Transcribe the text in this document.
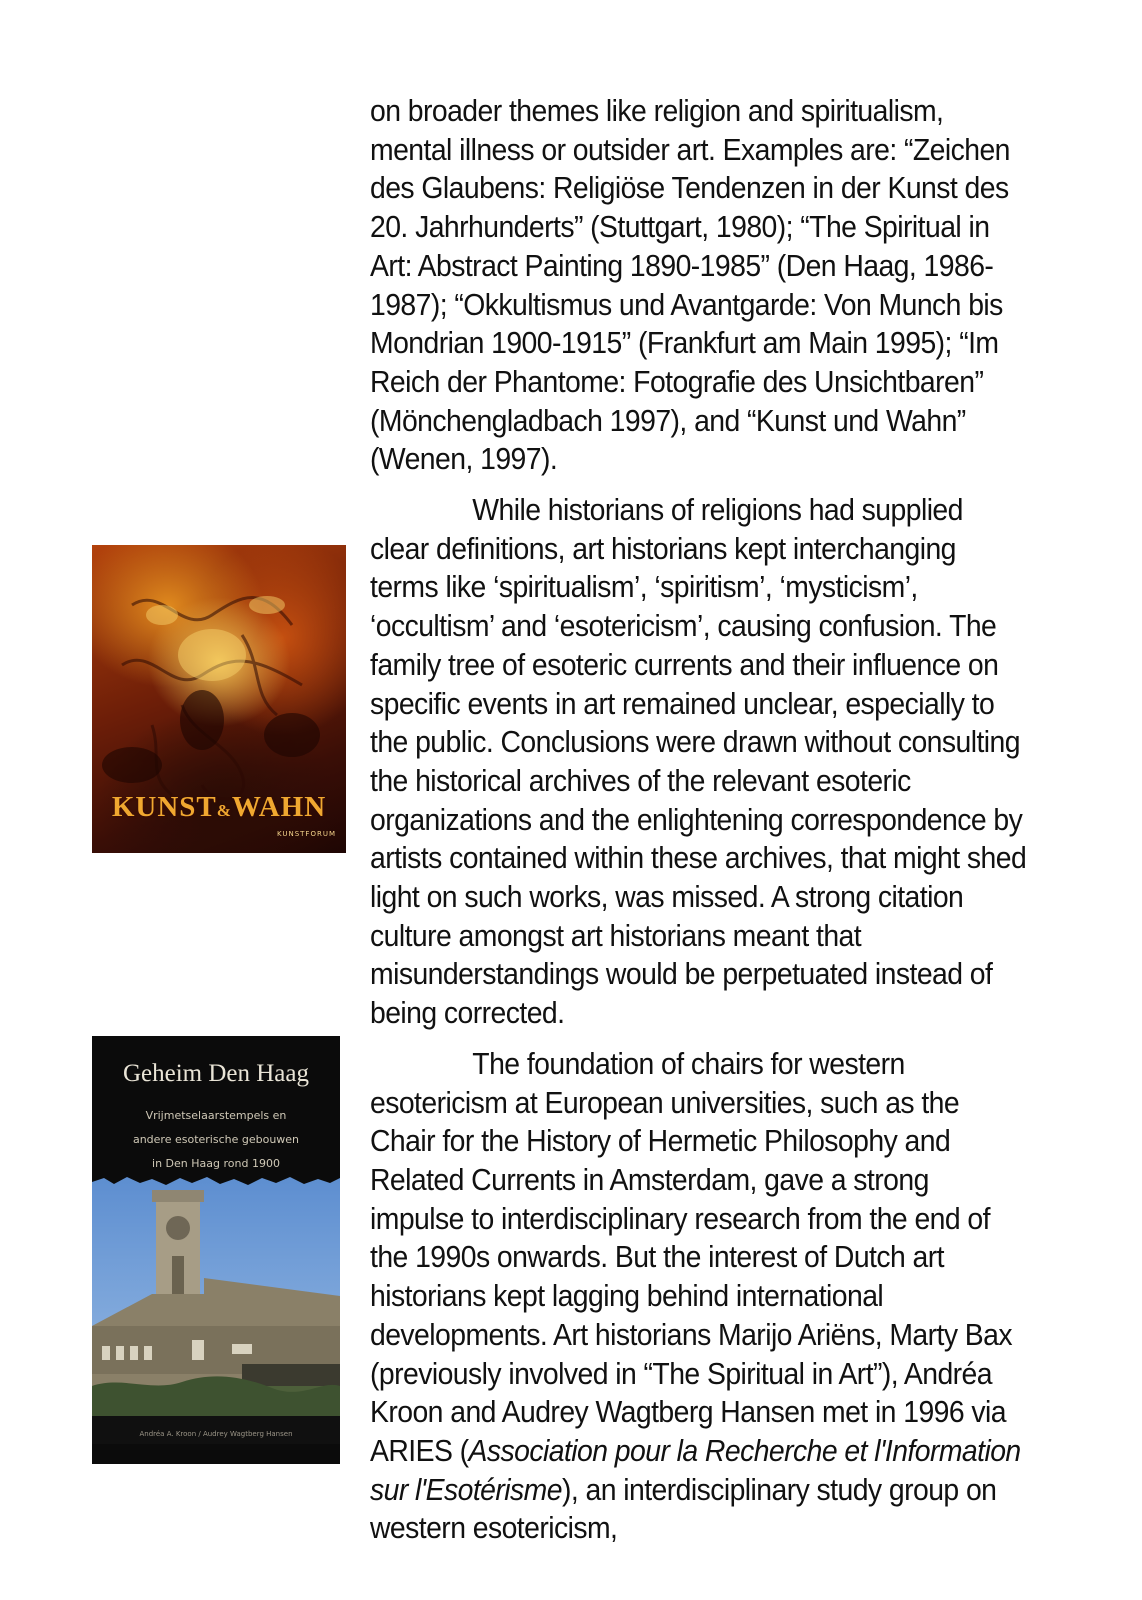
KUNST&WAHN
KUNSTFORUM
Geheim Den Haag
Vrijmetselaarstempels en
andere esoterische gebouwen
in Den Haag rond 1900
Andréa A. Kroon / Audrey Wagtberg Hansen

on broader themes like religion and spiritualism, mental illness or outsider art. Examples are: “Zeichen des Glaubens: Religiöse Tendenzen in der Kunst des 20. Jahrhunderts” (Stuttgart, 1980); “The Spiritual in Art: Abstract Painting 1890-1985” (Den Haag, 1986-1987); “Okkultismus und Avantgarde: Von Munch bis Mondrian 1900-1915” (Frankfurt am Main 1995); “Im Reich der Phantome: Fotografie des Unsichtbaren” (Mönchengladbach 1997), and “Kunst und Wahn” (Wenen, 1997).

While historians of religions had supplied clear definitions, art historians kept interchanging terms like ‘spiritualism’, ‘spiritism’, ‘mysticism’, ‘occultism’ and ‘esotericism’, causing confusion. The family tree of esoteric currents and their influence on specific events in art remained unclear, especially to the public. Conclusions were drawn without consulting the historical archives of the relevant esoteric organizations and the enlightening correspondence by artists contained within these archives, that might shed light on such works, was missed. A strong citation culture amongst art historians meant that misunderstandings would be perpetuated instead of being corrected.

The foundation of chairs for western esotericism at European universities, such as the Chair for the History of Hermetic Philosophy and Related Currents in Amsterdam, gave a strong impulse to interdisciplinary research from the end of the 1990s onwards. But the interest of Dutch art historians kept lagging behind international developments. Art historians Marijo Ariëns, Marty Bax (previously involved in “The Spiritual in Art”), Andréa Kroon and Audrey Wagtberg Hansen met in 1996 via ARIES (Association pour la Recherche et l'Information sur l'Esotérisme), an interdisciplinary study group on western esotericism,
